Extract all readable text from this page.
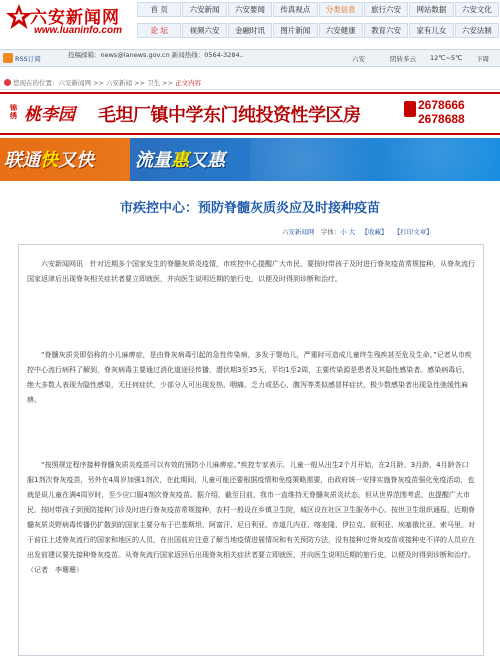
六安新闻网
www.luaninfo.com
首 页	六安新闻	六安要闻	传真视点	分类信息	旅行六安	网站数据	六安文化
论 坛	视频六安	金融时讯	图片新闻	六安健康	教育六安	家有儿女	六安法制
RSS订阅	投稿邮箱：news@lanews.gov.cn 新闻热线：0564-3284..	六安	阴转多云 12℃~5℃ 下周
您现在的位置：六安新闻网 >> 六安新闻 >> 卫生 >> 正文内容
锦绣 桃李园 毛坦厂镇中学东门纯投资性学区房	2678666
2678688
联通快又快 流量惠又惠
市疾控中心：预防脊髓灰质炎应及时接种疫苗
六安新闻网 字体：小 大 【收藏】 【打印文章】

六安新闻网讯　针对近期多个国家发生的脊髓灰质炎疫情，市疾控中心提醒广大市民，要按时带孩子及时进行脊灰疫苗常规接种，从脊灰流行国家返津后出现脊灰相关症状者要立即就医，并向医生说明近期的旅行史，以便及时得到诊断和治疗。

“脊髓灰质炎即俗称的小儿麻痹症，是由脊灰病毒引起的急性传染病，多发于婴幼儿，严重时可造成儿童终生残疾甚至危及生命。”记者从市疾控中心流行病科了解到，脊灰病毒主要通过消化道途径传播，潜伏期3至35天，平均1至2周，主要传染源是患者及其隐性感染者。感染病毒后，绝大多数人表现为隐性感染，无任何症状，少部分人可出现发热、咽痛、乏力或恶心、腹泻等类似感冒样症状，极少数感染者出现急性弛缓性麻痹。

“按照规定程序接种脊髓灰质炎疫苗可以有效的预防小儿麻痹症。”疾控专家表示，儿童一般从出生2个月开始，在2月龄、3月龄、4月龄各口服1剂次脊灰疫苗，另外在4周岁加强1剂次，在此期间，儿童可能还要根据疫情和免疫策略需要，由政府统一安排实施脊灰疫苗强化免疫活动，也就是说儿童在满4周岁时，至少应口服4剂次脊灰疫苗。据介绍，截至目前，我市一直维持无脊髓灰质炎状态，但从世界范围考虑，也提醒广大市民，按时带孩子到预防接种门诊及时进行脊灰疫苗常规接种，农村一般设在乡镇卫生院，城区设在社区卫生服务中心。按世卫生组织通报，近期脊髓灰质炎野病毒传播仍扩散到的国家主要分布于巴基斯坦、阿富汗、尼日利亚、赤道几内亚、喀麦隆、伊拉克、叙利亚、埃塞俄比亚、索马里。对于前往上述脊灰流行的国家和地区的人员，在出国前应注意了解当地疫情进展情况和有关预防方法，没有接种过脊灰疫苗或接种史不详的人员应在出发前建议要先接种脊灰疫苗。从脊灰流行国家返回后出现脊灰相关症状者要立即就医，并向医生说明近期的旅行史，以便及时得到诊断和治疗。（记者　李珊珊）
